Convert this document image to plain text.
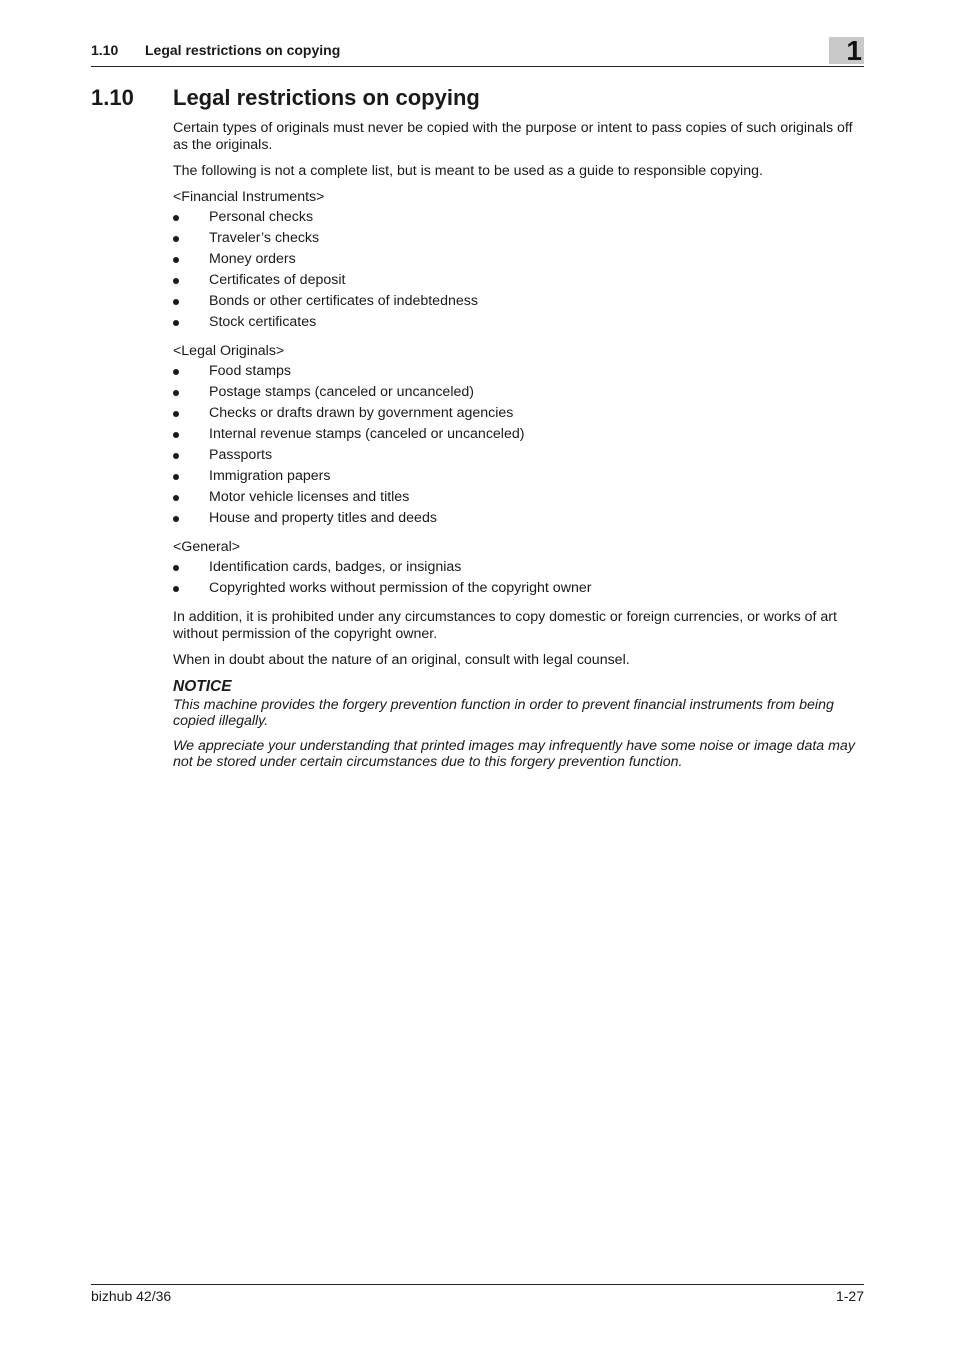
1.10 Legal restrictions on copying	1
1.10 Legal restrictions on copying

Certain types of originals must never be copied with the purpose or intent to pass copies of such originals off as the originals.

The following is not a complete list, but is meant to be used as a guide to responsible copying.

<Financial Instruments>
Personal checks
Traveler’s checks
Money orders
Certificates of deposit
Bonds or other certificates of indebtedness
Stock certificates
<Legal Originals>
Food stamps
Postage stamps (canceled or uncanceled)
Checks or drafts drawn by government agencies
Internal revenue stamps (canceled or uncanceled)
Passports
Immigration papers
Motor vehicle licenses and titles
House and property titles and deeds
<General>
Identification cards, badges, or insignias
Copyrighted works without permission of the copyright owner

In addition, it is prohibited under any circumstances to copy domestic or foreign currencies, or works of art without permission of the copyright owner.

When in doubt about the nature of an original, consult with legal counsel.

NOTICE

This machine provides the forgery prevention function in order to prevent financial instruments from being copied illegally.

We appreciate your understanding that printed images may infrequently have some noise or image data may not be stored under certain circumstances due to this forgery prevention function.

bizhub 42/36	1-27
